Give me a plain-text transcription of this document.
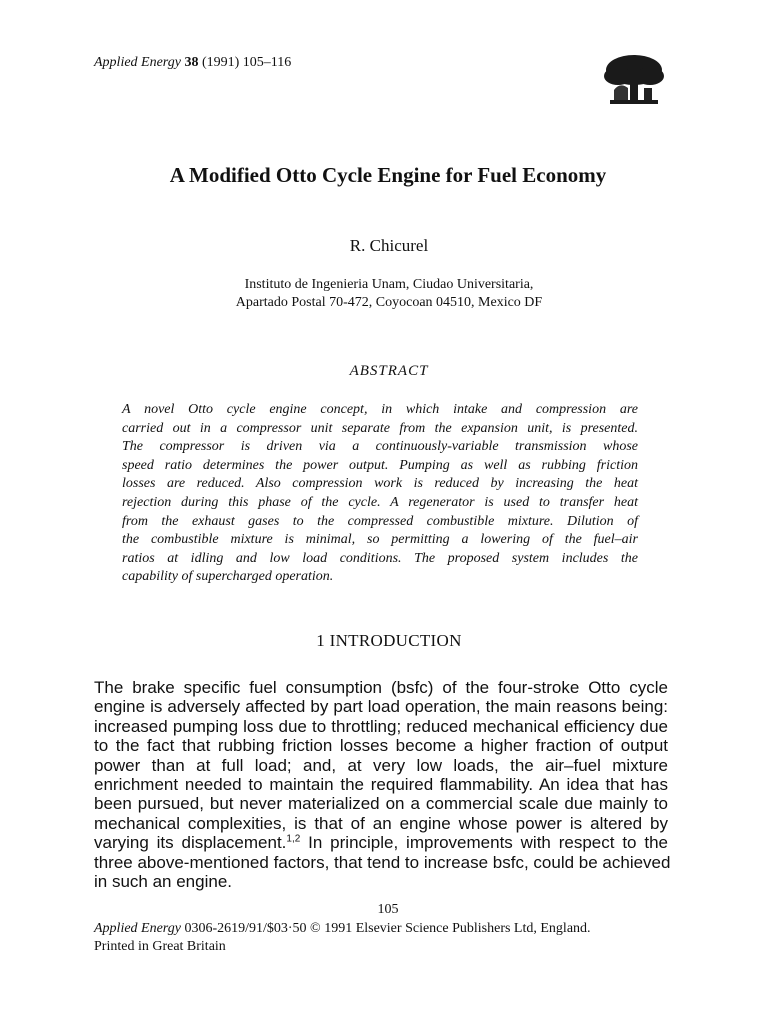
Applied Energy 38 (1991) 105–116
A Modified Otto Cycle Engine for Fuel Economy
R. Chicurel
Instituto de Ingenieria Unam, Ciudao Universitaria,
Apartado Postal 70-472, Coyocoan 04510, Mexico DF
ABSTRACT
A novel Otto cycle engine concept, in which intake and compression are
carried out in a compressor unit separate from the expansion unit, is presented.
The compressor is driven via a continuously-variable transmission whose
speed ratio determines the power output. Pumping as well as rubbing friction
losses are reduced. Also compression work is reduced by increasing the heat
rejection during this phase of the cycle. A regenerator is used to transfer heat
from the exhaust gases to the compressed combustible mixture. Dilution of
the combustible mixture is minimal, so permitting a lowering of the fuel–air
ratios at idling and low load conditions. The proposed system includes the
capability of supercharged operation.
1 INTRODUCTION
The brake specific fuel consumption (bsfc) of the four-stroke Otto cycle
engine is adversely affected by part load operation, the main reasons being:
increased pumping loss due to throttling; reduced mechanical efficiency due
to the fact that rubbing friction losses become a higher fraction of output
power than at full load; and, at very low loads, the air–fuel mixture
enrichment needed to maintain the required flammability. An idea that has
been pursued, but never materialized on a commercial scale due mainly to
mechanical complexities, is that of an engine whose power is altered by
varying its displacement.$^{1,2}$ In principle, improvements with respect to the
three above-mentioned factors, that tend to increase bsfc, could be achieved
in such an engine.
105
Applied Energy 0306-2619/91/$03·50 © 1991 Elsevier Science Publishers Ltd, England.
Printed in Great Britain
